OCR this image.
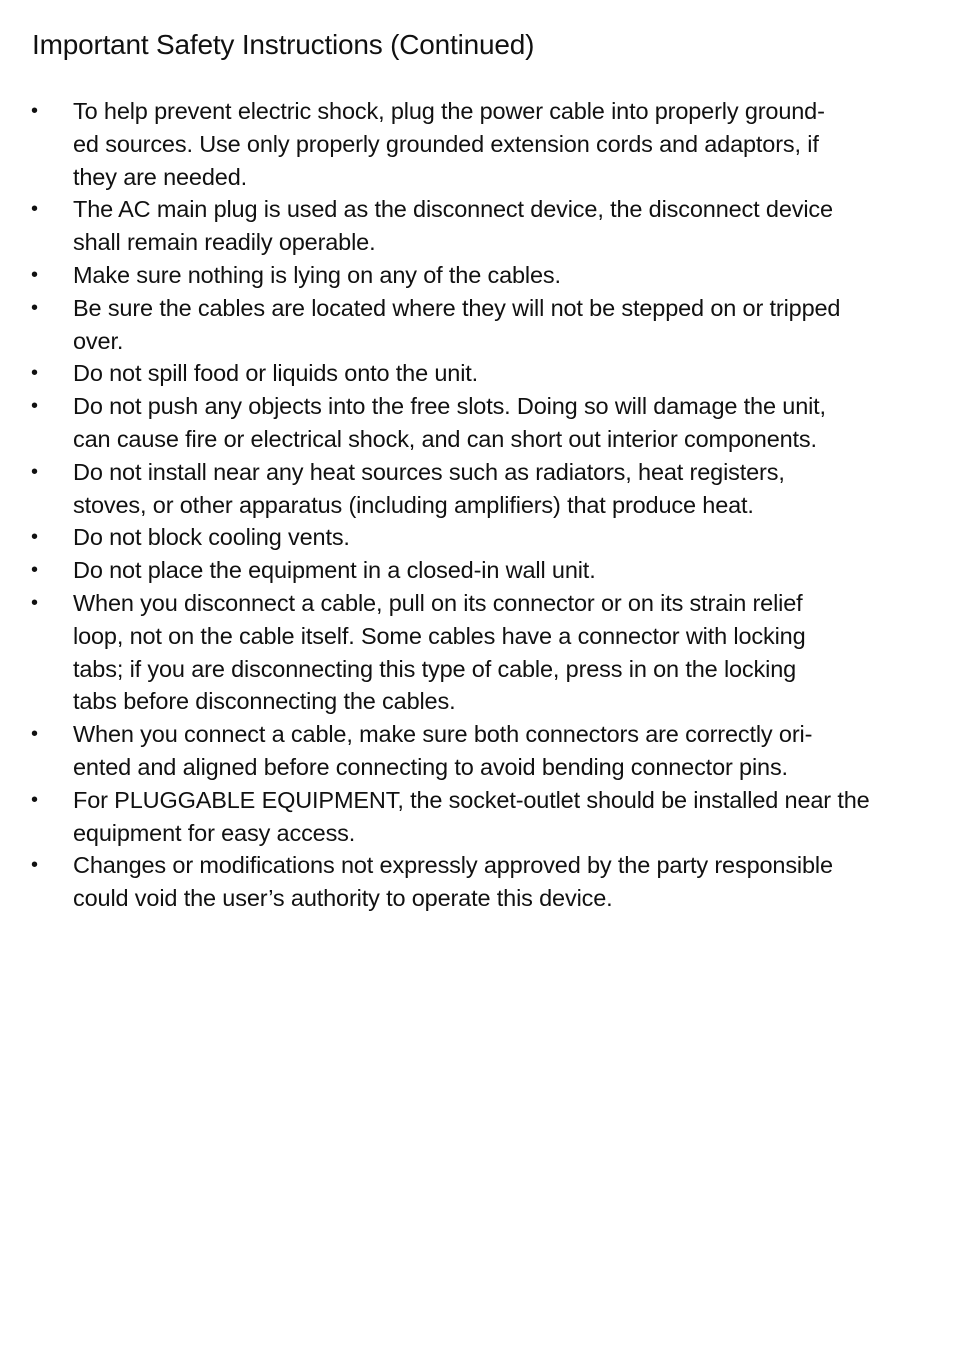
Important Safety Instructions (Continued)
• To help prevent electric shock, plug the power cable into properly ground-
ed sources. Use only properly grounded extension cords and adaptors, if
they are needed.
• The AC main plug is used as the disconnect device, the disconnect device
shall remain readily operable.
• Make sure nothing is lying on any of the cables.
• Be sure the cables are located where they will not be stepped on or tripped
over.
• Do not spill food or liquids onto the unit.
• Do not push any objects into the free slots. Doing so will damage the unit,
can cause fire or electrical shock, and can short out interior components.
• Do not install near any heat sources such as radiators, heat registers,
stoves, or other apparatus (including amplifiers) that produce heat.
• Do not block cooling vents.
• Do not place the equipment in a closed-in wall unit.
• When you disconnect a cable, pull on its connector or on its strain relief
loop, not on the cable itself. Some cables have a connector with locking
tabs; if you are disconnecting this type of cable, press in on the locking
tabs before disconnecting the cables.
• When you connect a cable, make sure both connectors are correctly ori-
ented and aligned before connecting to avoid bending connector pins.
• For PLUGGABLE EQUIPMENT, the socket-outlet should be installed near the
equipment for easy access.
• Changes or modifications not expressly approved by the party responsible
could void the user’s authority to operate this device.
